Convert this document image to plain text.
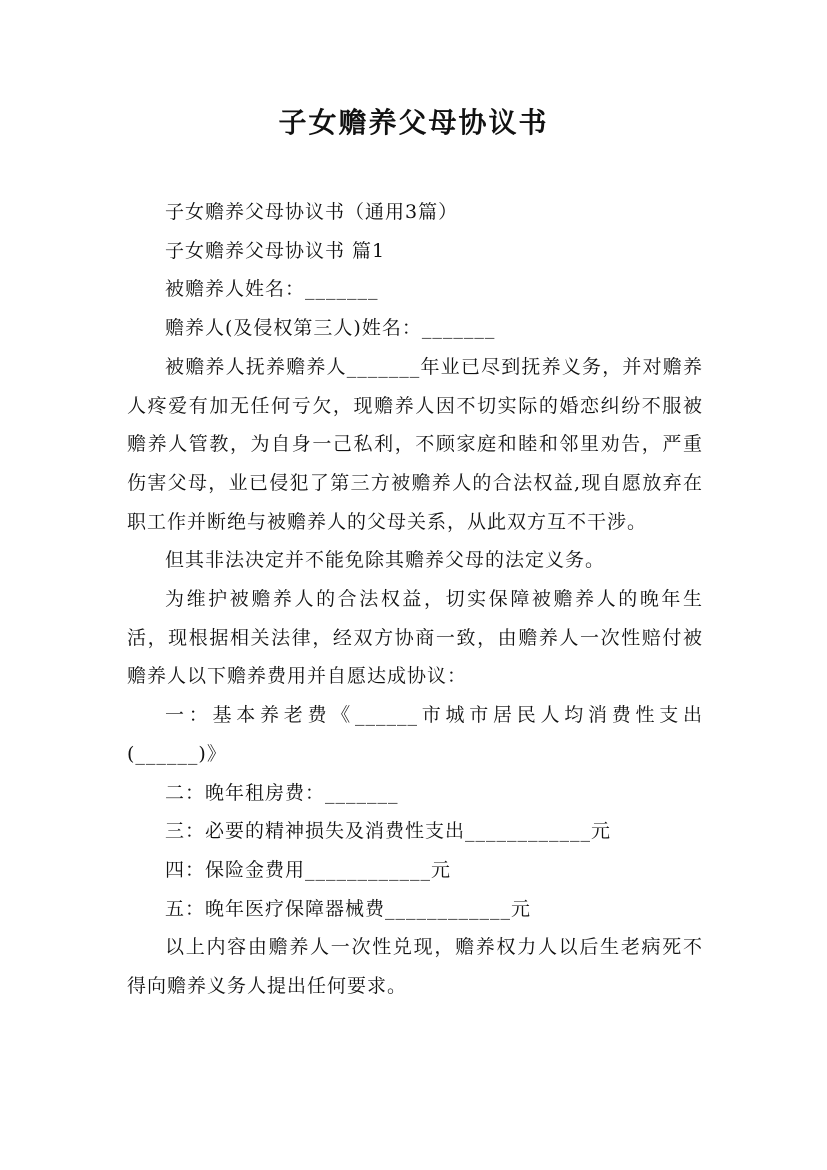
子女赡养父母协议书

子女赡养父母协议书（通用3篇）

子女赡养父母协议书 篇1

被赡养人姓名：_______

赡养人(及侵权第三人)姓名：_______

被赡养人抚养赡养人_______年业已尽到抚养义务，并对赡养人疼爱有加无任何亏欠，现赡养人因不切实际的婚恋纠纷不服被赡养人管教，为自身一己私利，不顾家庭和睦和邻里劝告，严重伤害父母，业已侵犯了第三方被赡养人的合法权益,现自愿放弃在职工作并断绝与被赡养人的父母关系，从此双方互不干涉。

但其非法决定并不能免除其赡养父母的法定义务。

为维护被赡养人的合法权益，切实保障被赡养人的晚年生活，现根据相关法律，经双方协商一致，由赡养人一次性赔付被赡养人以下赡养费用并自愿达成协议：

一：基本养老费《______市城市居民人均消费性支出(______)》

二：晚年租房费：_______

三：必要的精神损失及消费性支出____________元

四：保险金费用____________元

五：晚年医疗保障器械费____________元

以上内容由赡养人一次性兑现，赡养权力人以后生老病死不得向赡养义务人提出任何要求。
